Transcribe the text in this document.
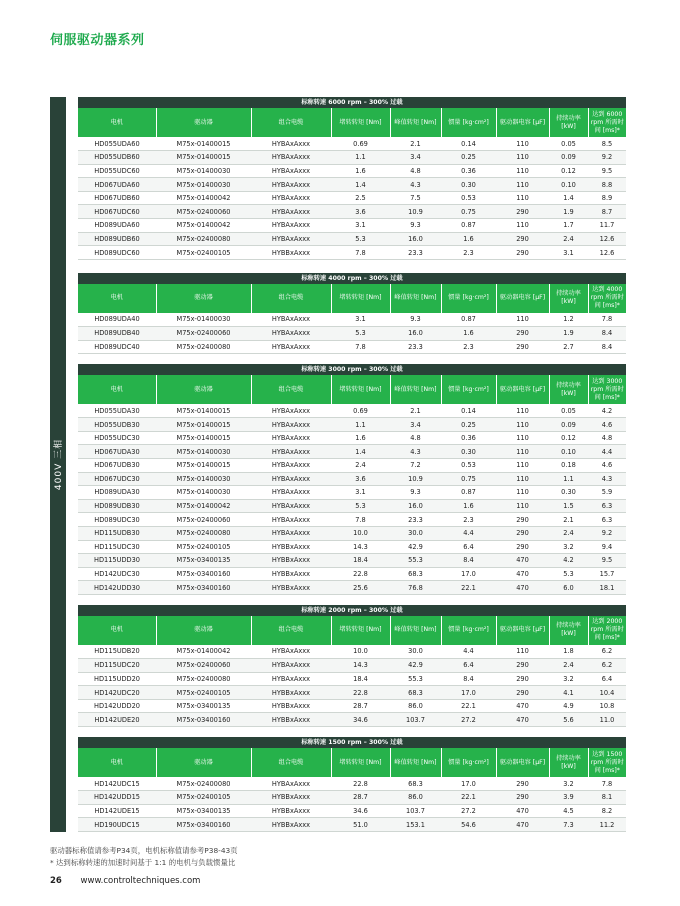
伺服驱动器系列
400V 三相
标称转速 6000 rpm – 300% 过载
电机	驱动器	组合电缆	堵转转矩 [Nm]	峰值转矩 [Nm]	惯量 [kg·cm²]	驱动器电容 [μF]	持续功率 [kW]	达到 6000 rpm 所需时间 [ms]*
HD055UDA60	M75x-01400015	HYBAxAxxx	0.69	2.1	0.14	110	0.05	8.5
HD055UDB60	M75x-01400015	HYBAxAxxx	1.1	3.4	0.25	110	0.09	9.2
HD055UDC60	M75x-01400030	HYBAxAxxx	1.6	4.8	0.36	110	0.12	9.5
HD067UDA60	M75x-01400030	HYBAxAxxx	1.4	4.3	0.30	110	0.10	8.8
HD067UDB60	M75x-01400042	HYBAxAxxx	2.5	7.5	0.53	110	1.4	8.9
HD067UDC60	M75x-02400060	HYBAxAxxx	3.6	10.9	0.75	290	1.9	8.7
HD089UDA60	M75x-01400042	HYBAxAxxx	3.1	9.3	0.87	110	1.7	11.7
HD089UDB60	M75x-02400080	HYBAxAxxx	5.3	16.0	1.6	290	2.4	12.6
HD089UDC60	M75x-02400105	HYBBxAxxx	7.8	23.3	2.3	290	3.1	12.6
标称转速 4000 rpm – 300% 过载
电机	驱动器	组合电缆	堵转转矩 [Nm]	峰值转矩 [Nm]	惯量 [kg·cm²]	驱动器电容 [μF]	持续功率 [kW]	达到 4000 rpm 所需时间 [ms]*
HD089UDA40	M75x-01400030	HYBAxAxxx	3.1	9.3	0.87	110	1.2	7.8
HD089UDB40	M75x-02400060	HYBAxAxxx	5.3	16.0	1.6	290	1.9	8.4
HD089UDC40	M75x-02400080	HYBAxAxxx	7.8	23.3	2.3	290	2.7	8.4
标称转速 3000 rpm – 300% 过载
电机	驱动器	组合电缆	堵转转矩 [Nm]	峰值转矩 [Nm]	惯量 [kg·cm²]	驱动器电容 [μF]	持续功率 [kW]	达到 3000 rpm 所需时间 [ms]*
HD055UDA30	M75x-01400015	HYBAxAxxx	0.69	2.1	0.14	110	0.05	4.2
HD055UDB30	M75x-01400015	HYBAxAxxx	1.1	3.4	0.25	110	0.09	4.6
HD055UDC30	M75x-01400015	HYBAxAxxx	1.6	4.8	0.36	110	0.12	4.8
HD067UDA30	M75x-01400030	HYBAxAxxx	1.4	4.3	0.30	110	0.10	4.4
HD067UDB30	M75x-01400015	HYBAxAxxx	2.4	7.2	0.53	110	0.18	4.6
HD067UDC30	M75x-01400030	HYBAxAxxx	3.6	10.9	0.75	110	1.1	4.3
HD089UDA30	M75x-01400030	HYBAxAxxx	3.1	9.3	0.87	110	0.30	5.9
HD089UDB30	M75x-01400042	HYBAxAxxx	5.3	16.0	1.6	110	1.5	6.3
HD089UDC30	M75x-02400060	HYBAxAxxx	7.8	23.3	2.3	290	2.1	6.3
HD115UDB30	M75x-02400080	HYBAxAxxx	10.0	30.0	4.4	290	2.4	9.2
HD115UDC30	M75x-02400105	HYBBxAxxx	14.3	42.9	6.4	290	3.2	9.4
HD115UDD30	M75x-03400135	HYBBxAxxx	18.4	55.3	8.4	470	4.2	9.5
HD142UDC30	M75x-03400160	HYBBxAxxx	22.8	68.3	17.0	470	5.3	15.7
HD142UDD30	M75x-03400160	HYBBxAxxx	25.6	76.8	22.1	470	6.0	18.1
标称转速 2000 rpm – 300% 过载
电机	驱动器	组合电缆	堵转转矩 [Nm]	峰值转矩 [Nm]	惯量 [kg·cm²]	驱动器电容 [μF]	持续功率 [kW]	达到 2000 rpm 所需时间 [ms]*
HD115UDB20	M75x-01400042	HYBAxAxxx	10.0	30.0	4.4	110	1.8	6.2
HD115UDC20	M75x-02400060	HYBAxAxxx	14.3	42.9	6.4	290	2.4	6.2
HD115UDD20	M75x-02400080	HYBAxAxxx	18.4	55.3	8.4	290	3.2	6.4
HD142UDC20	M75x-02400105	HYBBxAxxx	22.8	68.3	17.0	290	4.1	10.4
HD142UDD20	M75x-03400135	HYBBxAxxx	28.7	86.0	22.1	470	4.9	10.8
HD142UDE20	M75x-03400160	HYBBxAxxx	34.6	103.7	27.2	470	5.6	11.0
标称转速 1500 rpm – 300% 过载
电机	驱动器	组合电缆	堵转转矩 [Nm]	峰值转矩 [Nm]	惯量 [kg·cm²]	驱动器电容 [μF]	持续功率 [kW]	达到 1500 rpm 所需时间 [ms]*
HD142UDC15	M75x-02400080	HYBAxAxxx	22.8	68.3	17.0	290	3.2	7.8
HD142UDD15	M75x-02400105	HYBBxAxxx	28.7	86.0	22.1	290	3.9	8.1
HD142UDE15	M75x-03400135	HYBBxAxxx	34.6	103.7	27.2	470	4.5	8.2
HD190UDC15	M75x-03400160	HYBBxAxxx	51.0	153.1	54.6	470	7.3	11.2
驱动器标称值请参考P34页，电机标称值请参考P38-43页
* 达到标称转速的加速时间基于 1:1 的电机与负载惯量比
26 www.controltechniques.com
